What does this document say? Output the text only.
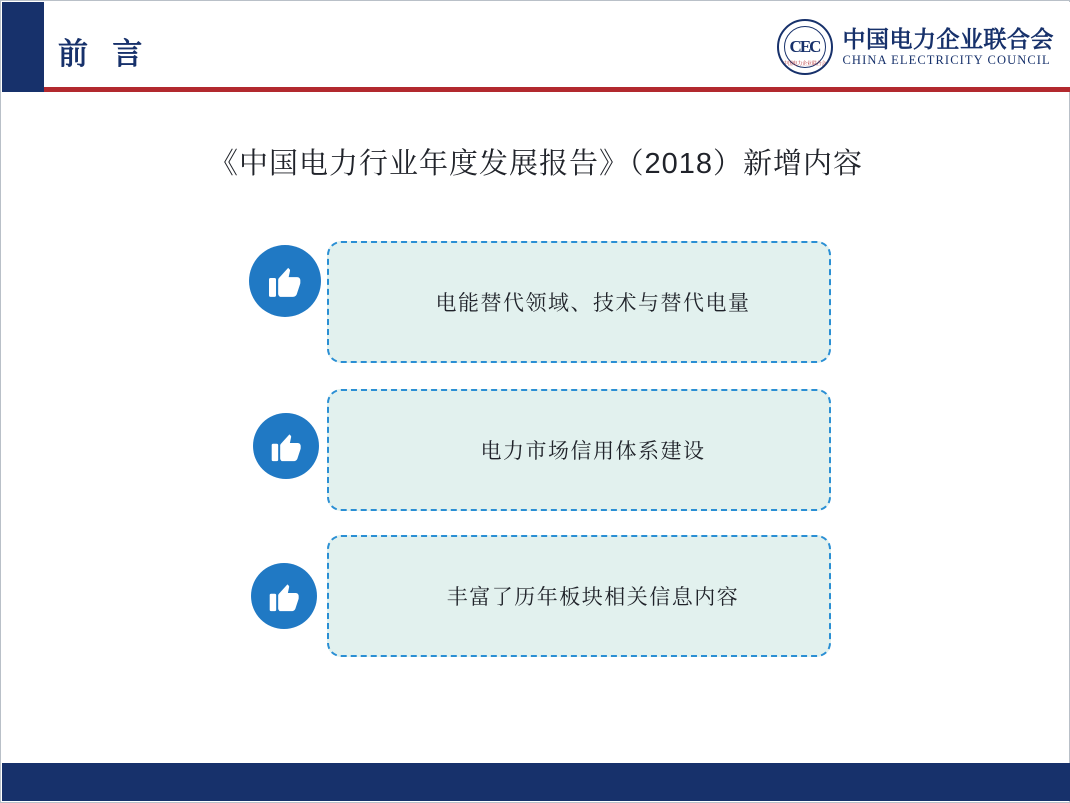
前 言	CEC
中国电力企业联合会
中国电力企业联合会
CHINA ELECTRICITY COUNCIL
《中国电力行业年度发展报告》（2018）新增内容
电能替代领域、技术与替代电量
电力市场信用体系建设
丰富了历年板块相关信息内容
